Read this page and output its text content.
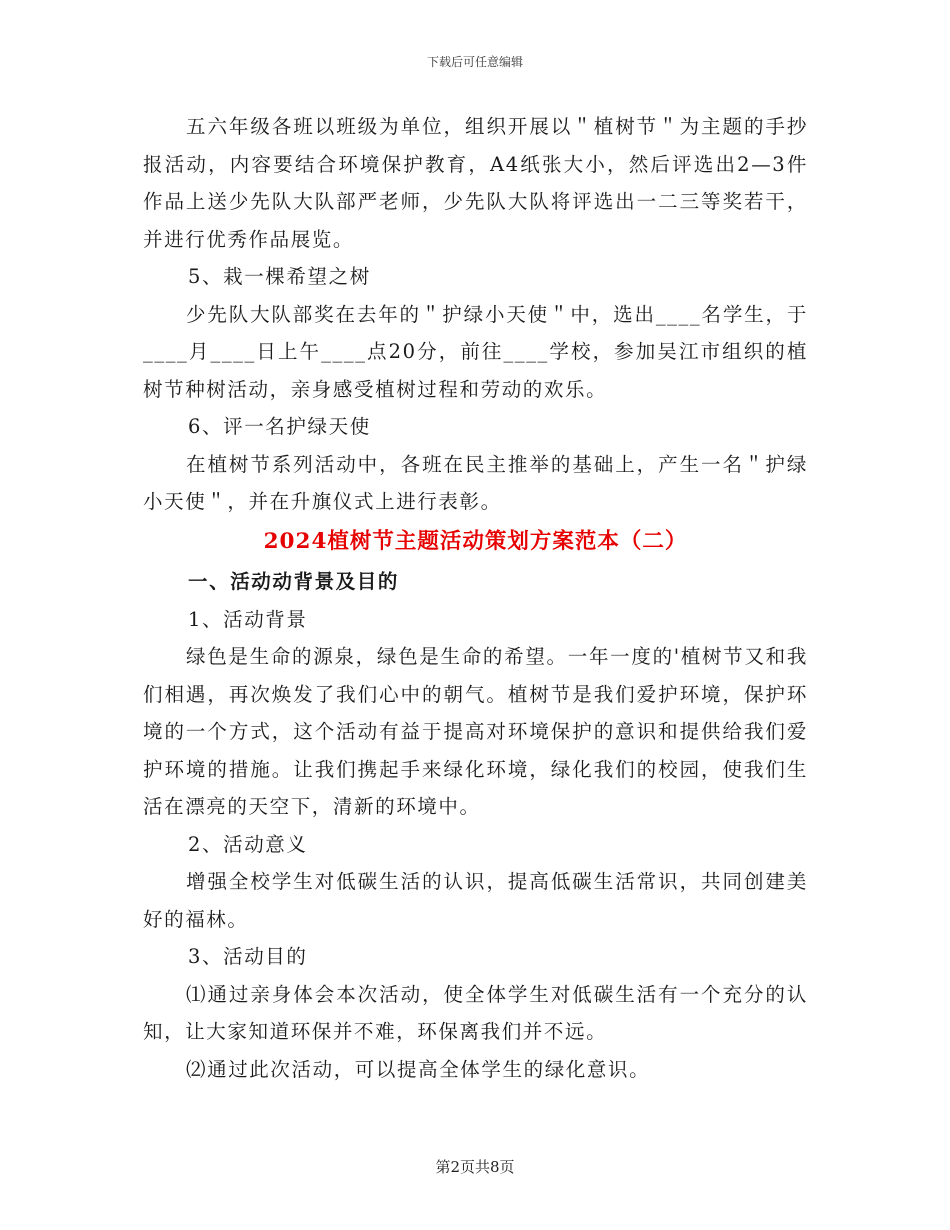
下载后可任意编辑

五六年级各班以班级为单位，组织开展以＂植树节＂为主题的手抄报活动，内容要结合环境保护教育，A4纸张大小，然后评选出2—3件作品上送少先队大队部严老师，少先队大队将评选出一二三等奖若干，并进行优秀作品展览。

5、栽一棵希望之树

少先队大队部奖在去年的＂护绿小天使＂中，选出____名学生，于____月____日上午____点20分，前往____学校，参加吴江市组织的植树节种树活动，亲身感受植树过程和劳动的欢乐。

6、评一名护绿天使

在植树节系列活动中，各班在民主推举的基础上，产生一名＂护绿小天使＂，并在升旗仪式上进行表彰。

2024植树节主题活动策划方案范本（二）

一、活动动背景及目的

1、活动背景

绿色是生命的源泉，绿色是生命的希望。一年一度的'植树节又和我们相遇，再次焕发了我们心中的朝气。植树节是我们爱护环境，保护环境的一个方式，这个活动有益于提高对环境保护的意识和提供给我们爱护环境的措施。让我们携起手来绿化环境，绿化我们的校园，使我们生活在漂亮的天空下，清新的环境中。

2、活动意义

增强全校学生对低碳生活的认识，提高低碳生活常识，共同创建美好的福林。

3、活动目的

⑴通过亲身体会本次活动，使全体学生对低碳生活有一个充分的认知，让大家知道环保并不难，环保离我们并不远。

⑵通过此次活动，可以提高全体学生的绿化意识。

第2页共8页
